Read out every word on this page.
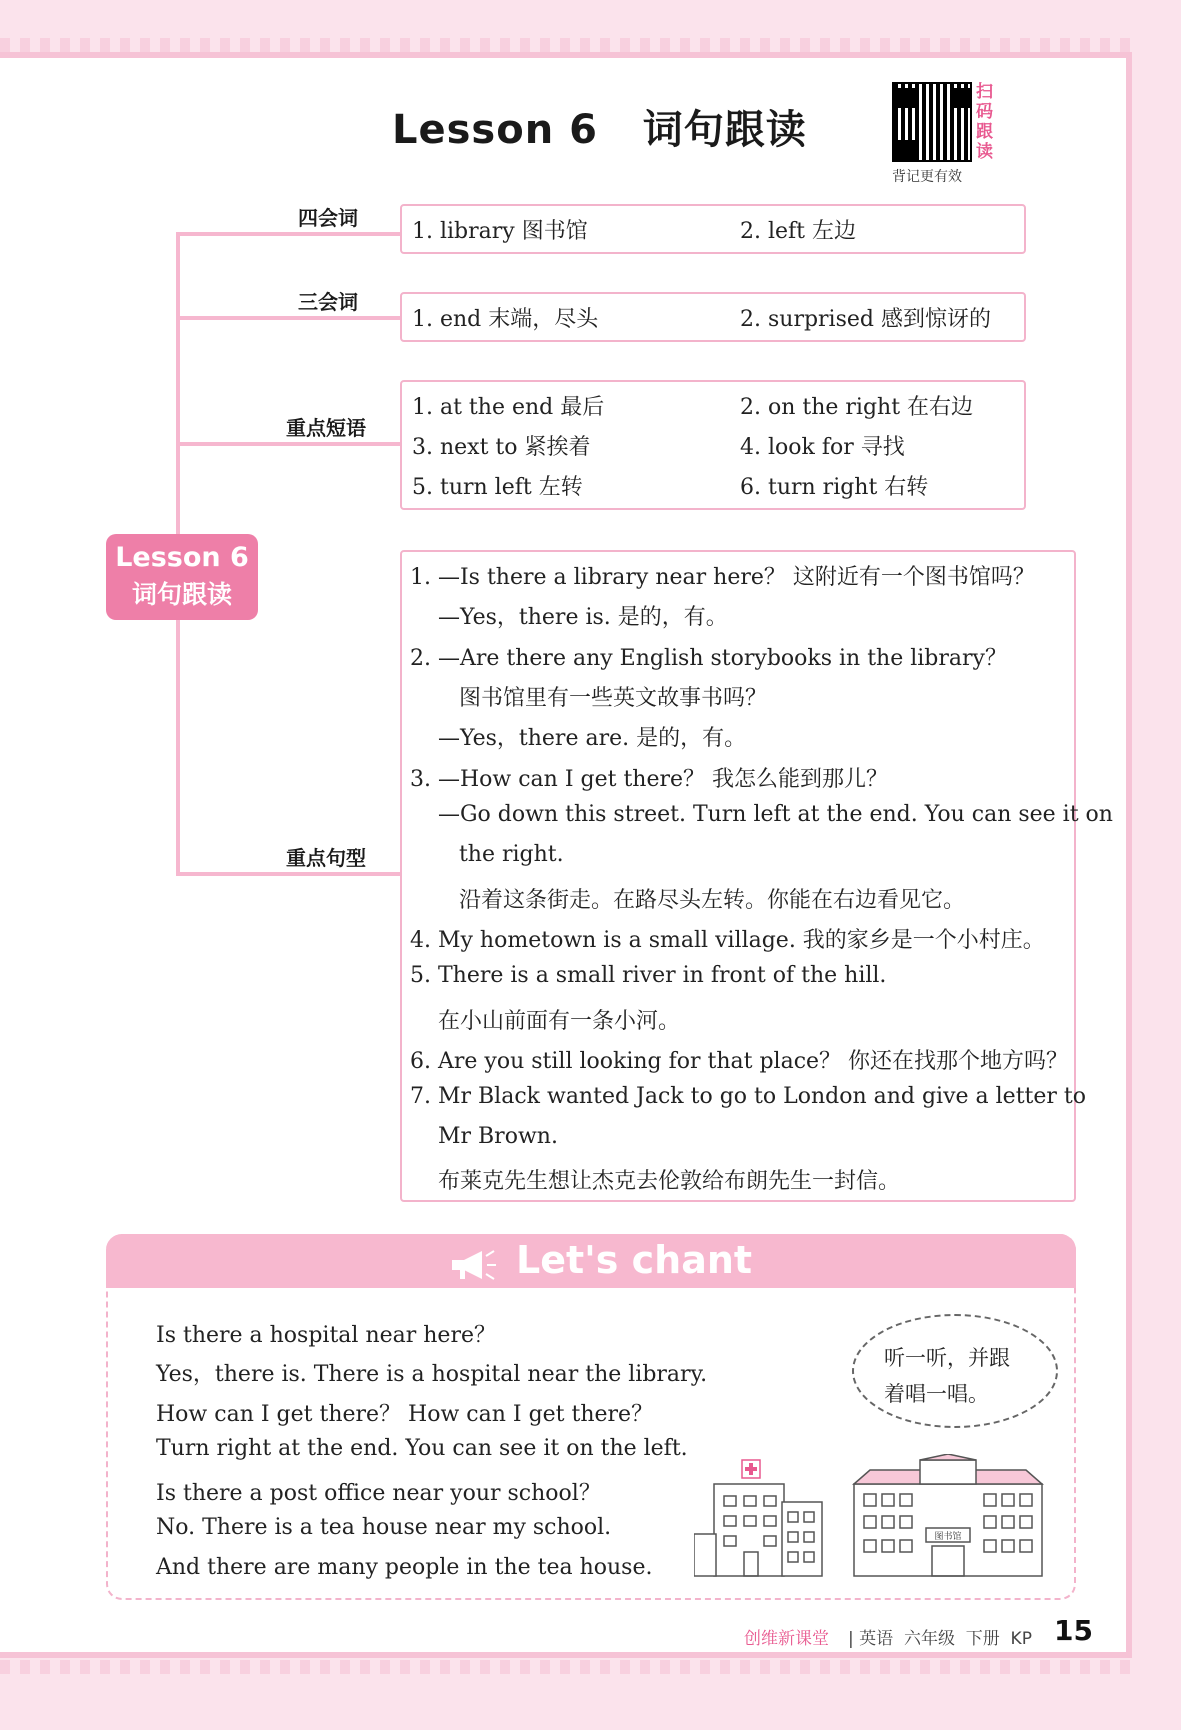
Lesson 6   词句跟读
扫码跟读
背记更有效
Lesson 6
词句跟读
四会词
三会词
重点短语
重点句型
1. library 图书馆	2. left 左边
1. end 末端，尽头	2. surprised 感到惊讶的
1. at the end 最后	2. on the right 在右边
3. next to 紧挨着	4. look for 寻找
5. turn left 左转	6. turn right 右转
1. —Is there a library near here？ 这附近有一个图书馆吗？
—Yes，there is. 是的，有。
2. —Are there any English storybooks in the library？
图书馆里有一些英文故事书吗？
—Yes，there are. 是的，有。
3. —How can I get there？ 我怎么能到那儿？
—Go down this street. Turn left at the end. You can see it on
the right.
沿着这条街走。在路尽头左转。你能在右边看见它。
4. My hometown is a small village. 我的家乡是一个小村庄。
5. There is a small river in front of the hill.
在小山前面有一条小河。
6. Are you still looking for that place？ 你还在找那个地方吗？
7. Mr Black wanted Jack to go to London and give a letter to
Mr Brown.
布莱克先生想让杰克去伦敦给布朗先生一封信。
Let's chant
Is there a hospital near here？
Yes，there is. There is a hospital near the library.
How can I get there？ How can I get there？
Turn right at the end. You can see it on the left.
Is there a post office near your school？
No. There is a tea house near my school.
And there are many people in the tea house.
听一听，并跟
着唱一唱。
图书馆
创维新课堂 | 英语  六年级  下册  KP 15
